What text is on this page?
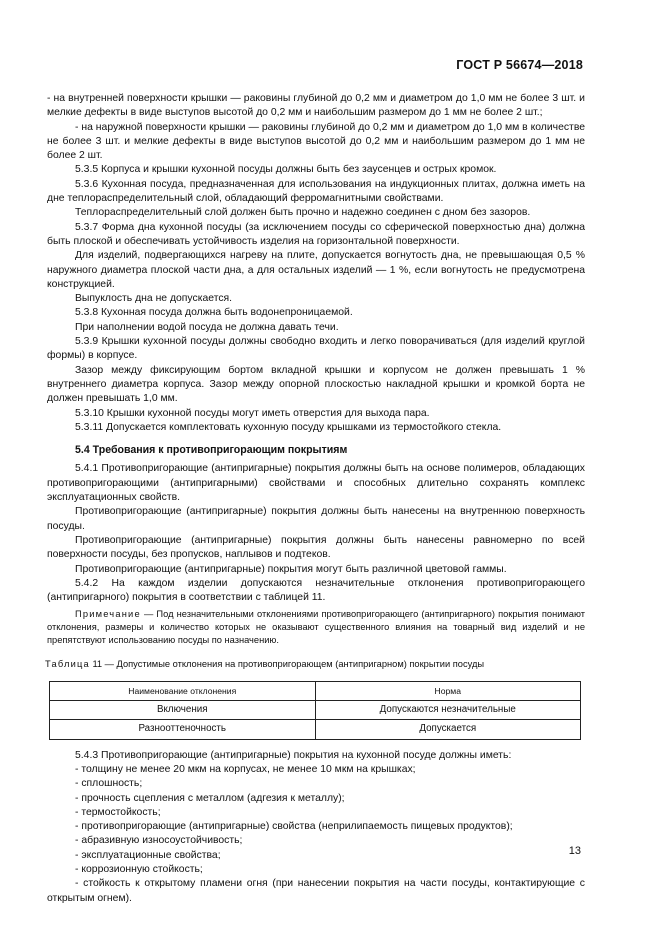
ГОСТ Р 56674—2018

- на внутренней поверхности крышки — раковины глубиной до 0,2 мм и диаметром до 1,0 мм не более 3 шт. и мелкие дефекты в виде выступов высотой до 0,2 мм и наибольшим размером до 1 мм не более 2 шт.;

- на наружной поверхности крышки — раковины глубиной до 0,2 мм и диаметром до 1,0 мм в количестве не более 3 шт. и мелкие дефекты в виде выступов высотой до 0,2 мм и наибольшим размером до 1 мм не более 2 шт.

5.3.5 Корпуса и крышки кухонной посуды должны быть без заусенцев и острых кромок.

5.3.6 Кухонная посуда, предназначенная для использования на индукционных плитах, должна иметь на дне теплораспределительный слой, обладающий ферромагнитными свойствами.

Теплораспределительный слой должен быть прочно и надежно соединен с дном без зазоров.

5.3.7 Форма дна кухонной посуды (за исключением посуды со сферической поверхностью дна) должна быть плоской и обеспечивать устойчивость изделия на горизонтальной поверхности.

Для изделий, подвергающихся нагреву на плите, допускается вогнутость дна, не превышающая 0,5 % наружного диаметра плоской части дна, а для остальных изделий — 1 %, если вогнутость не предусмотрена конструкцией.

Выпуклость дна не допускается.

5.3.8 Кухонная посуда должна быть водонепроницаемой.

При наполнении водой посуда не должна давать течи.

5.3.9 Крышки кухонной посуды должны свободно входить и легко поворачиваться (для изделий круглой формы) в корпусе.

Зазор между фиксирующим бортом вкладной крышки и корпусом не должен превышать 1 % внутреннего диаметра корпуса. Зазор между опорной плоскостью накладной крышки и кромкой борта не должен превышать 1,0 мм.

5.3.10 Крышки кухонной посуды могут иметь отверстия для выхода пара.

5.3.11 Допускается комплектовать кухонную посуду крышками из термостойкого стекла.

5.4 Требования к противопригорающим покрытиям

5.4.1 Противопригорающие (антипригарные) покрытия должны быть на основе полимеров, обладающих противопригорающими (антипригарными) свойствами и способных длительно сохранять комплекс эксплуатационных свойств.

Противопригорающие (антипригарные) покрытия должны быть нанесены на внутреннюю поверхность посуды.

Противопригорающие (антипригарные) покрытия должны быть нанесены равномерно по всей поверхности посуды, без пропусков, наплывов и подтеков.

Противопригорающие (антипригарные) покрытия могут быть различной цветовой гаммы.

5.4.2 На каждом изделии допускаются незначительные отклонения противопригорающего (антипригарного) покрытия в соответствии с таблицей 11.

Примечание — Под незначительными отклонениями противопригорающего (антипригарного) покрытия понимают отклонения, размеры и количество которых не оказывают существенного влияния на товарный вид изделий и не препятствуют использованию посуды по назначению.

Таблица 11 — Допустимые отклонения на противопригорающем (антипригарном) покрытии посуды
Наименование отклонения	Норма
Включения	Допускаются незначительные
Разнооттеночность	Допускается

5.4.3 Противопригорающие (антипригарные) покрытия на кухонной посуде должны иметь:

- толщину не менее 20 мкм на корпусах, не менее 10 мкм на крышках;

- сплошность;

- прочность сцепления с металлом (адгезия к металлу);

- термостойкость;

- противопригорающие (антипригарные) свойства (неприлипаемость пищевых продуктов);

- абразивную износоустойчивость;

- эксплуатационные свойства;

- коррозионную стойкость;

- стойкость к открытому пламени огня (при нанесении покрытия на части посуды, контактирующие с открытым огнем).

13
